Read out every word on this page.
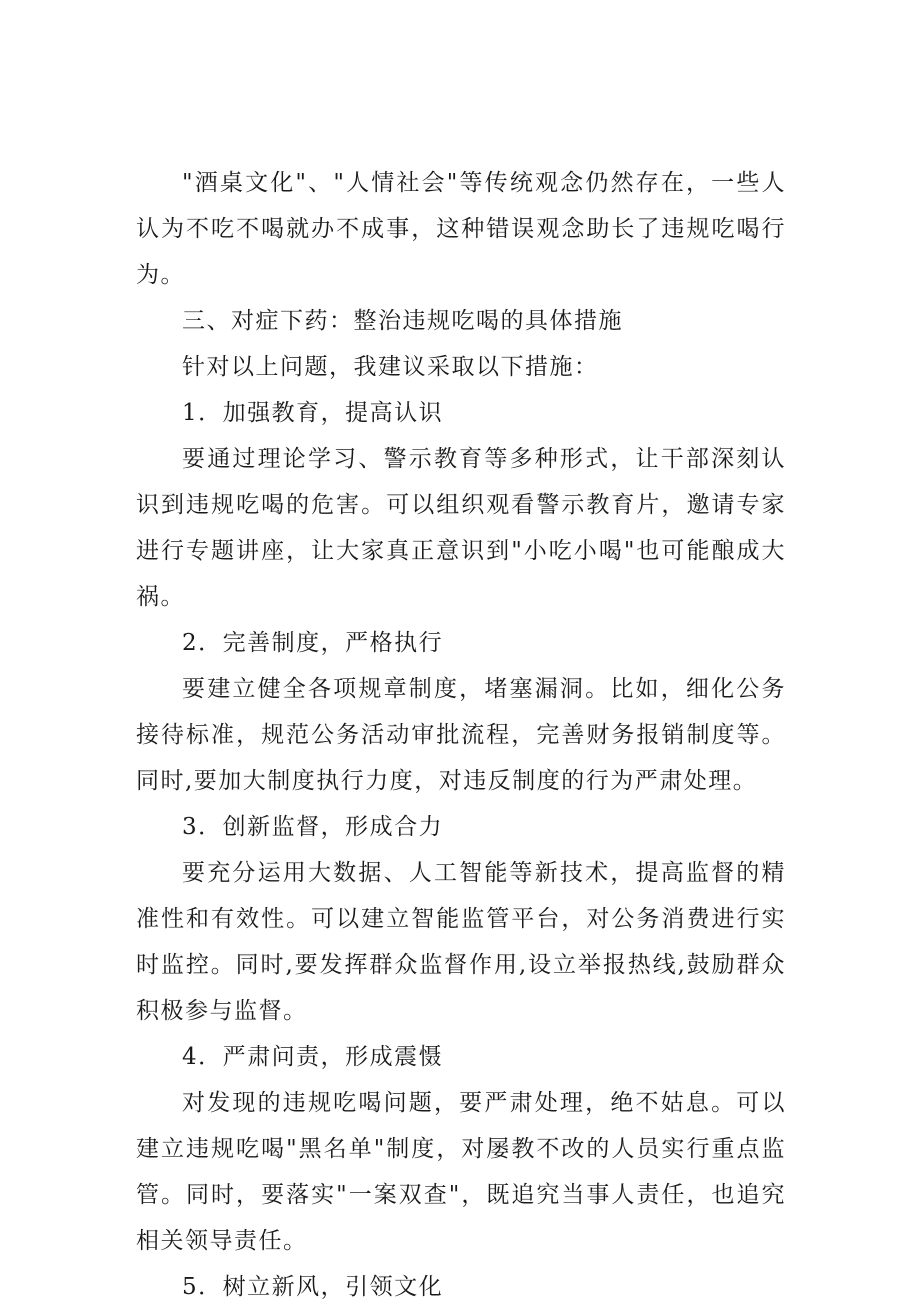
"酒桌文化"、"人情社会"等传统观念仍然存在，一些人认为不吃不喝就办不成事，这种错误观念助长了违规吃喝行为。

三、对症下药：整治违规吃喝的具体措施

针对以上问题，我建议采取以下措施：

1．加强教育，提高认识

要通过理论学习、警示教育等多种形式，让干部深刻认识到违规吃喝的危害。可以组织观看警示教育片，邀请专家进行专题讲座，让大家真正意识到"小吃小喝"也可能酿成大祸。

2．完善制度，严格执行

要建立健全各项规章制度，堵塞漏洞。比如，细化公务接待标准，规范公务活动审批流程，完善财务报销制度等。同时,要加大制度执行力度，对违反制度的行为严肃处理。

3．创新监督，形成合力

要充分运用大数据、人工智能等新技术，提高监督的精准性和有效性。可以建立智能监管平台，对公务消费进行实时监控。同时,要发挥群众监督作用,设立举报热线,鼓励群众积极参与监督。

4．严肃问责，形成震慑

对发现的违规吃喝问题，要严肃处理，绝不姑息。可以建立违规吃喝"黑名单"制度，对屡教不改的人员实行重点监管。同时，要落实"一案双查"，既追究当事人责任，也追究相关领导责任。

5．树立新风，引领文化
